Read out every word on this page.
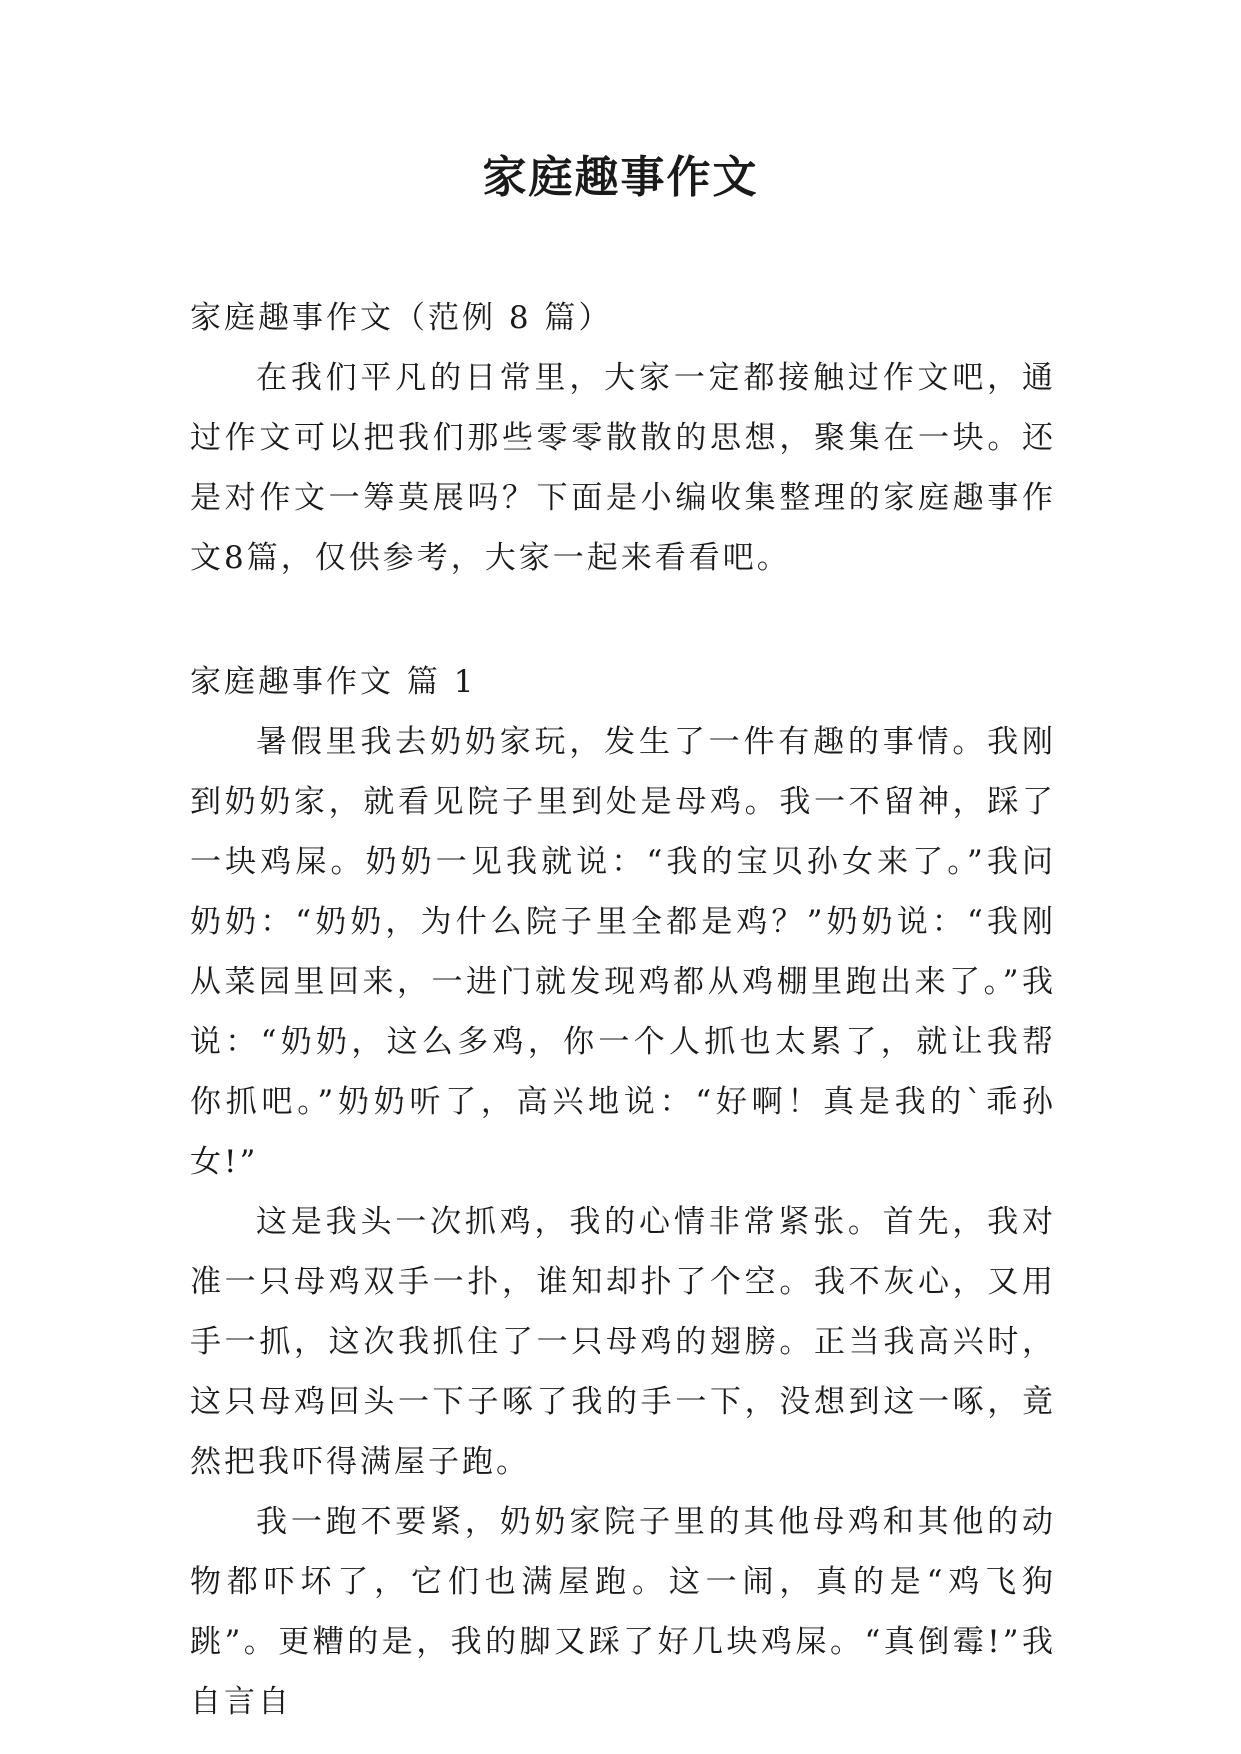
家庭趣事作文

家庭趣事作文（范例 8 篇）

在我们平凡的日常里，大家一定都接触过作文吧，通过作文可以把我们那些零零散散的思想，聚集在一块。还是对作文一筹莫展吗？下面是小编收集整理的家庭趣事作文8篇，仅供参考，大家一起来看看吧。

家庭趣事作文 篇 1

暑假里我去奶奶家玩，发生了一件有趣的事情。我刚到奶奶家，就看见院子里到处是母鸡。我一不留神，踩了一块鸡屎。奶奶一见我就说：“我的宝贝孙女来了。”我问奶奶：“奶奶，为什么院子里全都是鸡？”奶奶说：“我刚从菜园里回来，一进门就发现鸡都从鸡棚里跑出来了。”我说：“奶奶，这么多鸡，你一个人抓也太累了，就让我帮你抓吧。”奶奶听了，高兴地说：“好啊！真是我的`乖孙女!”

这是我头一次抓鸡，我的心情非常紧张。首先，我对准一只母鸡双手一扑，谁知却扑了个空。我不灰心，又用手一抓，这次我抓住了一只母鸡的翅膀。正当我高兴时，这只母鸡回头一下子啄了我的手一下，没想到这一啄，竟然把我吓得满屋子跑。

我一跑不要紧，奶奶家院子里的其他母鸡和其他的动物都吓坏了，它们也满屋跑。这一闹，真的是“鸡飞狗跳”。更糟的是，我的脚又踩了好几块鸡屎。“真倒霉!”我自言自
